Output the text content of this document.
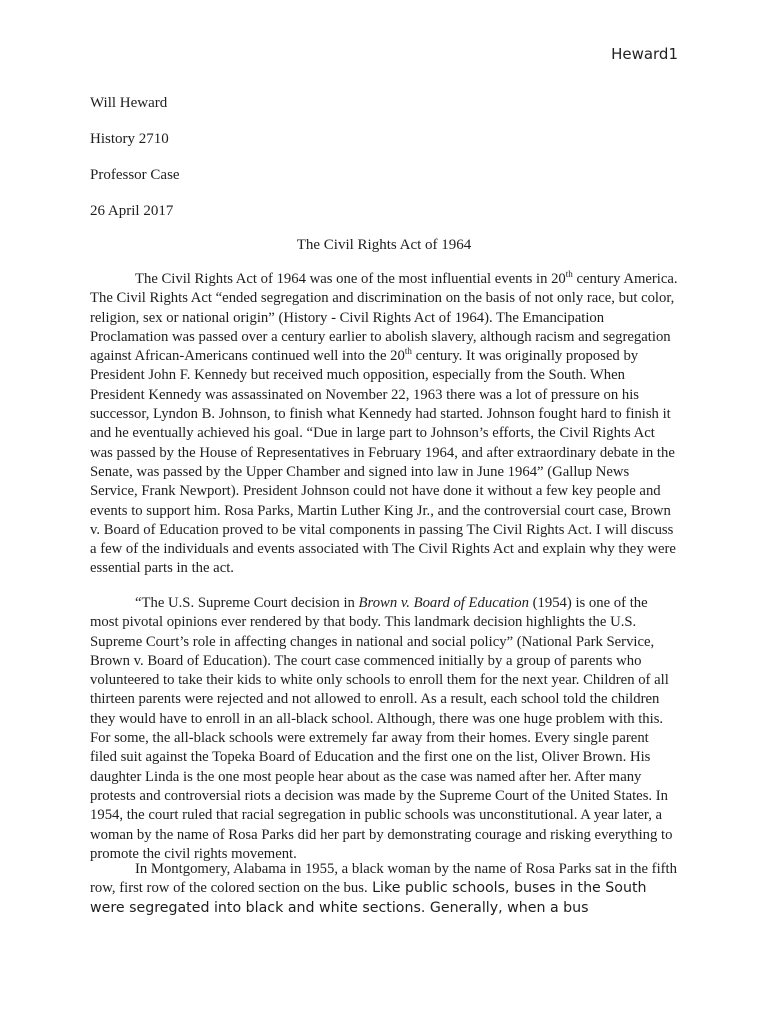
Heward1
Will Heward
History 2710
Professor Case
26 April 2017
The Civil Rights Act of 1964

The Civil Rights Act of 1964 was one of the most influential events in 20th century America. The Civil Rights Act “ended segregation and discrimination on the basis of not only race, but color, religion, sex or national origin” (History - Civil Rights Act of 1964). The Emancipation Proclamation was passed over a century earlier to abolish slavery, although racism and segregation against African-Americans continued well into the 20th century. It was originally proposed by President John F. Kennedy but received much opposition, especially from the South. When President Kennedy was assassinated on November 22, 1963 there was a lot of pressure on his successor, Lyndon B. Johnson, to finish what Kennedy had started. Johnson fought hard to finish it and he eventually achieved his goal. “Due in large part to Johnson’s efforts, the Civil Rights Act was passed by the House of Representatives in February 1964, and after extraordinary debate in the Senate, was passed by the Upper Chamber and signed into law in June 1964” (Gallup News Service, Frank Newport). President Johnson could not have done it without a few key people and events to support him. Rosa Parks, Martin Luther King Jr., and the controversial court case, Brown v. Board of Education proved to be vital components in passing The Civil Rights Act. I will discuss a few of the individuals and events associated with The Civil Rights Act and explain why they were essential parts in the act.

“The U.S. Supreme Court decision in Brown v. Board of Education (1954) is one of the most pivotal opinions ever rendered by that body. This landmark decision highlights the U.S. Supreme Court’s role in affecting changes in national and social policy” (National Park Service, Brown v. Board of Education). The court case commenced initially by a group of parents who volunteered to take their kids to white only schools to enroll them for the next year. Children of all thirteen parents were rejected and not allowed to enroll. As a result, each school told the children they would have to enroll in an all-black school. Although, there was one huge problem with this. For some, the all-black schools were extremely far away from their homes. Every single parent filed suit against the Topeka Board of Education and the first one on the list, Oliver Brown. His daughter Linda is the one most people hear about as the case was named after her. After many protests and controversial riots a decision was made by the Supreme Court of the United States. In 1954, the court ruled that racial segregation in public schools was unconstitutional. A year later, a woman by the name of Rosa Parks did her part by demonstrating courage and risking everything to promote the civil rights movement.

In Montgomery, Alabama in 1955, a black woman by the name of Rosa Parks sat in the fifth row, first row of the colored section on the bus. Like public schools, buses in the South were segregated into black and white sections. Generally, when a bus
